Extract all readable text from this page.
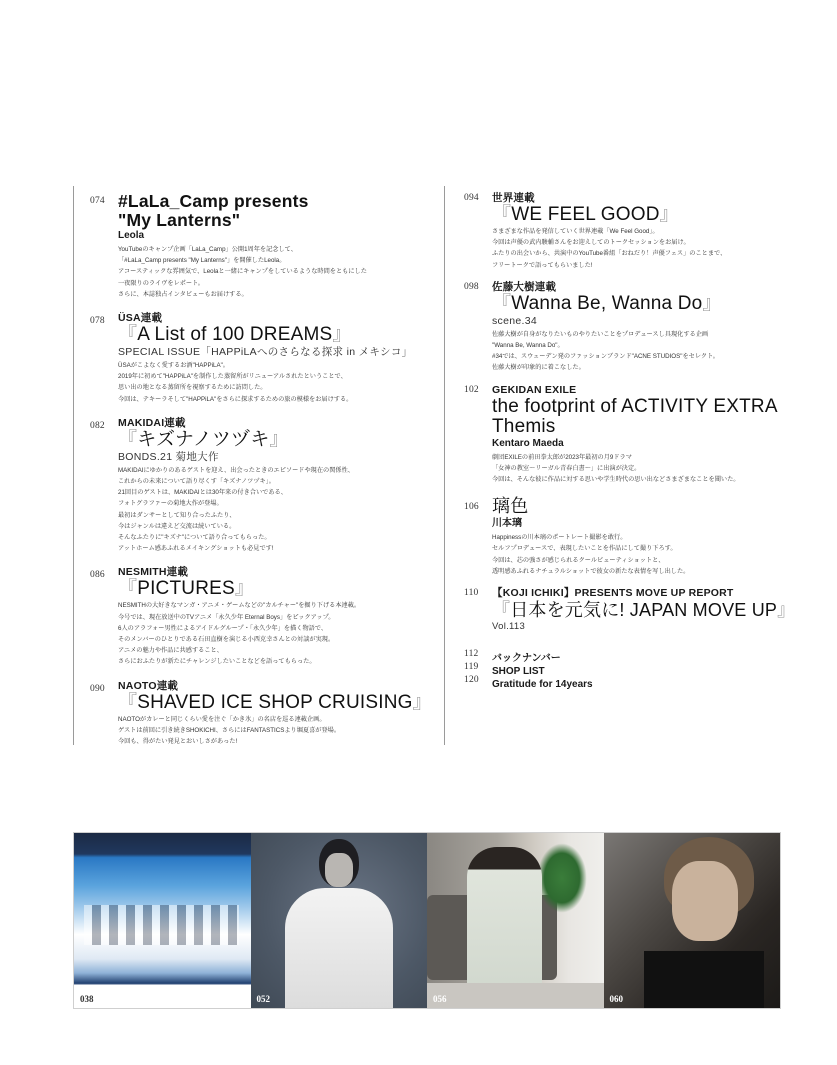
074 #LaLa_Camp presents
"My Lanterns"
Leola
YouTubeのキャンプ企画「LaLa_Camp」公開1周年を記念して、
「#LaLa_Camp presents "My Lanterns"」を開催したLeola。
アコースティックな雰囲気で、Leolaと一緒にキャンプをしているような時間をともにした
一夜限りのライヴをレポート。
さらに、本誌独占インタビューもお届けする。
078 ÜSA連載
『A List of 100 DREAMS』
SPECIAL ISSUE「HAPPiLAへのさらなる探求 in メキシコ」
ÜSAがこよなく愛するお酒"HAPPiLA"。
2019年に初めて"HAPPiLA"を制作した蒸留所がリニューアルされたということで、
思い出の地となる蒸留所を視察するために訪問した。
今回は、テキーラそして"HAPPiLA"をさらに探求するための旅の模様をお届けする。
082 MAKIDAI連載
『キズナノツヅキ』
BONDS.21 菊地大作
MAKIDAIにゆかりのあるゲストを迎え、出会ったときのエピソードや現在の関係性、
これからの未来について語り尽くす「キズナノツヅキ」。
21回目のゲストは、MAKIDAIとは30年来の付き合いである、
フォトグラファーの菊地大作が登場。
最初はダンサーとして知り合ったふたり、
今はジャンルは違えど交流は続いている。
そんなふたりに"キズナ"について語り合ってもらった。
アットホーム感あふれるメイキングショットも必見です!
086 NESMITH連載
『PICTURES』
NESMITHの大好きなマンガ・アニメ・ゲームなどの"カルチャー"を掘り下げる本連載。
今号では、現在放送中のTVアニメ「永久少年 Eternal Boys」をピックアップ。
6人のアラフォー男性によるアイドルグループ・「永久少年」を描く物語で、
そのメンバーのひとりである石田直樹を演じる小西克幸さんとの対談が実現。
アニメの魅力や作品に共感すること、
さらにおふたりが新たにチャレンジしたいことなどを語ってもらった。
090 NAOTO連載
『SHAVED ICE SHOP CRUISING』
NAOTOがカレーと同じくらい愛を注ぐ「かき氷」の名店を巡る連載企画。
ゲストは前回に引き続きSHOKICHI、さらにはFANTASTICSより堀夏喜が登場。
今回も、得がたい発見とおいしさがあった!
094 世界連載
『WE FEEL GOOD』
さまざまな作品を発信していく世界連載「We Feel Good」。
今回は声優の武内駿輔さんをお迎えしてのトークセッションをお届け。
ふたりの出会いから、共演中のYouTube番組「おねだり！声優フェス」のことまで、
フリートークで語ってもらいました!
098 佐藤大樹連載
『Wanna Be, Wanna Do』
scene.34
佐藤大樹が自身がなりたいものやりたいことをプロデュースし具現化する企画
"Wanna Be, Wanna Do"。
#34では、スウェーデン発のファッションブランド"ACNE STUDIOS"をセレクト。
佐藤大樹が印象的に着こなした。
102 GEKIDAN EXILE
the footprint of ACTIVITY EXTRA
Themis
Kentaro Maeda
劇団EXILEの前田拳太郎が2023年最初の月9ドラマ
「女神の教室〜リーガル青春白書〜」に出演が決定。
今回は、そんな彼に作品に対する思いや学生時代の思い出などさまざまなことを聞いた。
106 璃色
川本璃
Happinessの川本璃のポートレート撮影を敢行。
セルフプロデュースで、表現したいことを作品にして撮り下ろす。
今回は、芯の強さが感じられるクールビューティショットと、
透明感あふれるナチュラルショットで彼女の新たな表情を写し出した。
110 【KOJI ICHIKI】PRESENTS MOVE UP REPORT
『日本を元気に! JAPAN MOVE UP』
Vol.113
112 バックナンバー
119 SHOP LIST
120 Gratitude for 14years
038	052	056	060
